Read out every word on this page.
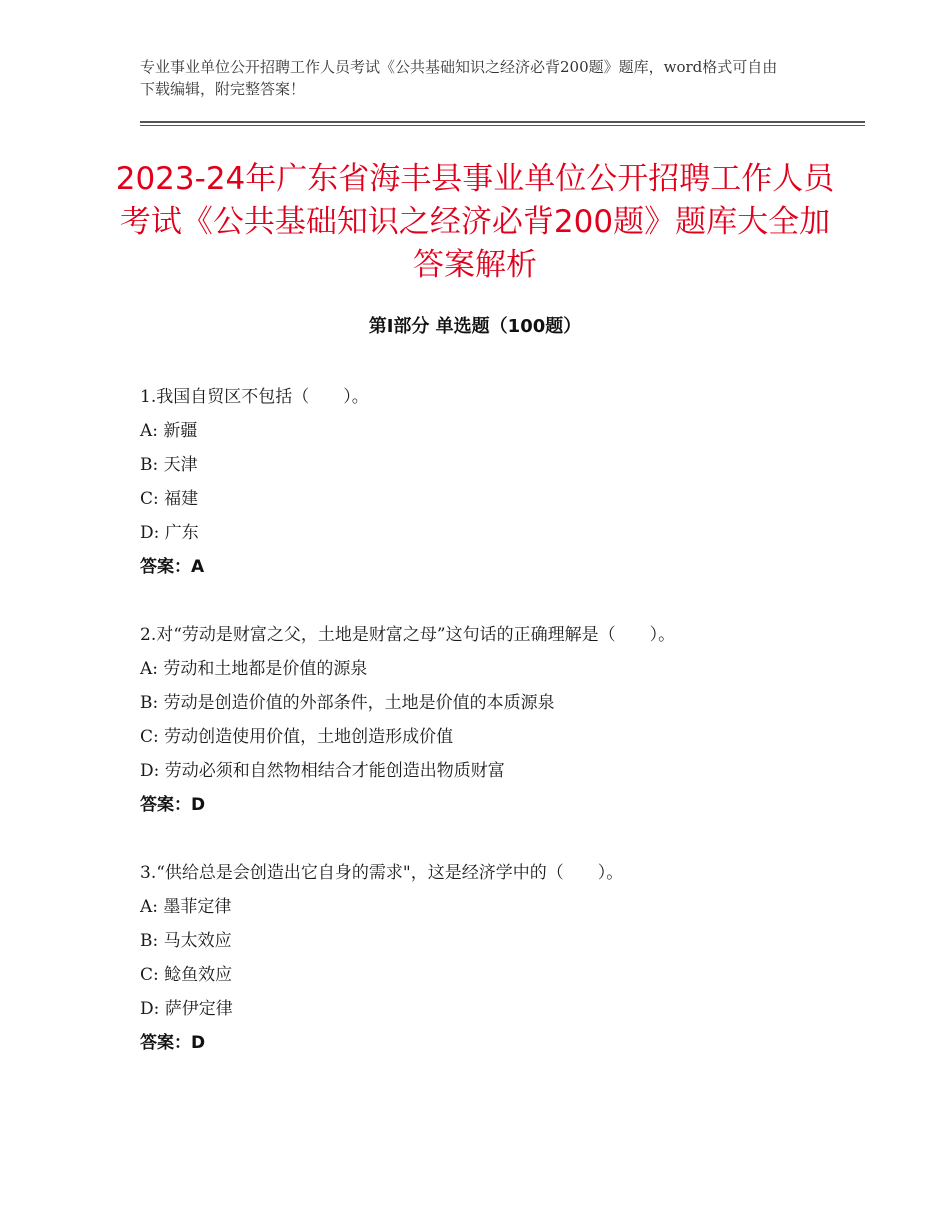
专业事业单位公开招聘工作人员考试《公共基础知识之经济必背200题》题库，word格式可自由下载编辑，附完整答案！
2023-24年广东省海丰县事业单位公开招聘工作人员考试《公共基础知识之经济必背200题》题库大全加答案解析
第Ⅰ部分 单选题（100题）

1.我国自贸区不包括（　　）。

A: 新疆

B: 天津

C: 福建

D: 广东

答案：A

2.对“劳动是财富之父，土地是财富之母”这句话的正确理解是（　　）。

A: 劳动和土地都是价值的源泉

B: 劳动是创造价值的外部条件，土地是价值的本质源泉

C: 劳动创造使用价值，土地创造形成价值

D: 劳动必须和自然物相结合才能创造出物质财富

答案：D

3.“供给总是会创造出它自身的需求"，这是经济学中的（　　）。

A: 墨菲定律

B: 马太效应

C: 鲶鱼效应

D: 萨伊定律

答案：D
